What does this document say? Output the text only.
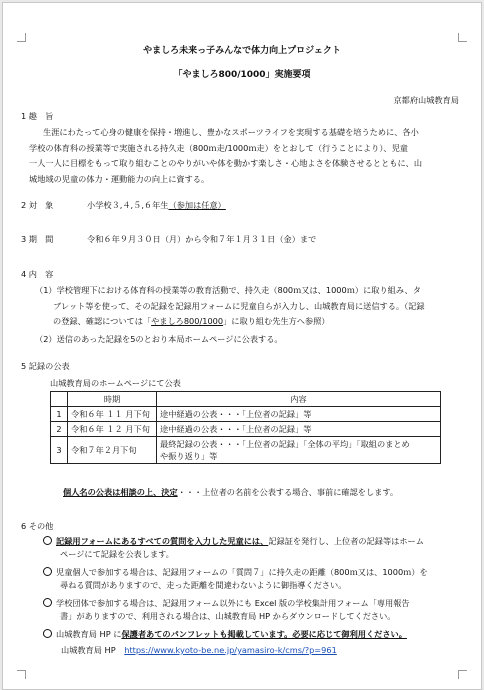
やましろ未来っ子みんなで体力向上プロジェクト
「やましろ800/1000」実施要項
京都府山城教育局
1 趣　旨
生涯にわたって心身の健康を保持・増進し、豊かなスポーツライフを実現する基礎を培うために、各小
学校の体育科の授業等で実施される持久走（800ｍ走/1000ｍ走）をとおして（行うことにより）、児童
一人一人に目標をもって取り組むことのやりがいや体を動かす楽しさ・心地よさを体験させるとともに、山
城地域の児童の体力・運動能力の向上に資する。
2 対　象	小学校３,４,５,６年生（参加は任意）
3 期　間	令和６年９月３０日（月）から令和７年１月３１日（金）まで
4 内　容
（1）学校管理下における体育科の授業等の教育活動で、持久走（800ｍ又は、1000ｍ）に取り組み、タ
ブレット等を使って、その記録を記録用フォームに児童自らが入力し、山城教育局に送信する。（記録
の登録、確認については「やましろ800/1000」に取り組む先生方へ参照）
（2）送信のあった記録を5のとおり本局ホームページに公表する。
5 記録の公表
山城教育局のホームページにて公表
	時期	内容
1	令和６年 １１ 月下旬	途中経過の公表・・・「上位者の記録」等
2	令和６年 １２ 月下旬	途中経過の公表・・・「上位者の記録」等
3	令和７年２月下旬	最終記録の公表・・・「上位者の記録」「全体の平均」「取組のまとめ
や振り返り」等
個人名の公表は相談の上、決定・・・上位者の名前を公表する場合、事前に確認をします。
6 その他
記録用フォームにあるすべての質問を入力した児童には、記録証を発行し、上位者の記録等はホーム
ページにて記録を公表します。
児童個人で参加する場合は、記録用フォームの「質問７」に持久走の距離（800ｍ又は、1000ｍ）を
尋ねる質問がありますので、走った距離を間違わないように御指導ください。
学校団体で参加する場合は、記録用フォーム以外にも Excel 版の学校集計用フォーム「専用報告
書」がありますので、利用される場合は、山城教育局 HP からダウンロードしてください。
山城教育局 HP に保護者あてのパンフレットも掲載しています。必要に応じて御利用ください。
山城教育局 HP https://www.kyoto-be.ne.jp/yamasiro-k/cms/?p=961
